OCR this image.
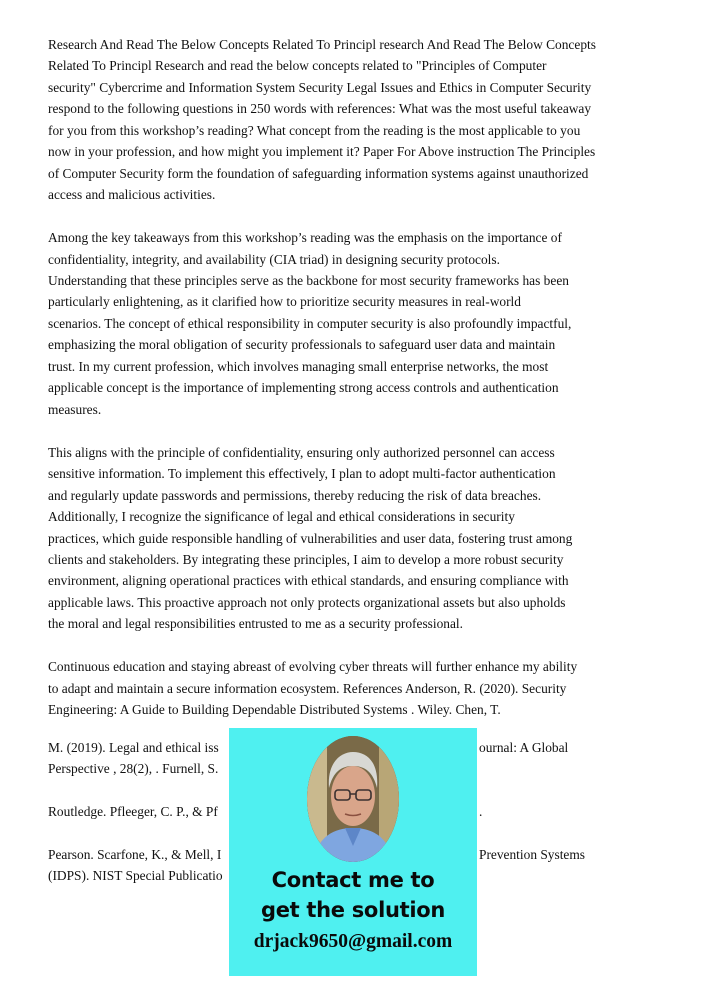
Research And Read The Below Concepts Related To Principl research And Read The Below Concepts
Related To Principl Research and read the below concepts related to "Principles of Computer
security" Cybercrime and Information System Security Legal Issues and Ethics in Computer Security
respond to the following questions in 250 words with references: What was the most useful takeaway
for you from this workshop’s reading? What concept from the reading is the most applicable to you
now in your profession, and how might you implement it? Paper For Above instruction The Principles
of Computer Security form the foundation of safeguarding information systems against unauthorized
access and malicious activities.

Among the key takeaways from this workshop’s reading was the emphasis on the importance of
confidentiality, integrity, and availability (CIA triad) in designing security protocols.
Understanding that these principles serve as the backbone for most security frameworks has been
particularly enlightening, as it clarified how to prioritize security measures in real-world
scenarios. The concept of ethical responsibility in computer security is also profoundly impactful,
emphasizing the moral obligation of security professionals to safeguard user data and maintain
trust. In my current profession, which involves managing small enterprise networks, the most
applicable concept is the importance of implementing strong access controls and authentication
measures.

This aligns with the principle of confidentiality, ensuring only authorized personnel can access
sensitive information. To implement this effectively, I plan to adopt multi-factor authentication
and regularly update passwords and permissions, thereby reducing the risk of data breaches.
Additionally, I recognize the significance of legal and ethical considerations in security
practices, which guide responsible handling of vulnerabilities and user data, fostering trust among
clients and stakeholders. By integrating these principles, I aim to develop a more robust security
environment, aligning operational practices with ethical standards, and ensuring compliance with
applicable laws. This proactive approach not only protects organizational assets but also upholds
the moral and legal responsibilities entrusted to me as a security professional.

Continuous education and staying abreast of evolving cyber threats will further enhance my ability
to adapt and maintain a secure information ecosystem. References Anderson, R. (2020). Security
Engineering: A Guide to Building Dependable Distributed Systems . Wiley. Chen, T.

M. (2019). Legal and ethical iss	ournal: A Global
Perspective , 28(2), . Furnell, S.
Routledge. Pfleeger, C. P., & Pf	.
Pearson. Scarfone, K., & Mell, I	Prevention Systems
(IDPS). NIST Special Publicatio	Contact me to
get the solution
drjack9650@gmail.com
